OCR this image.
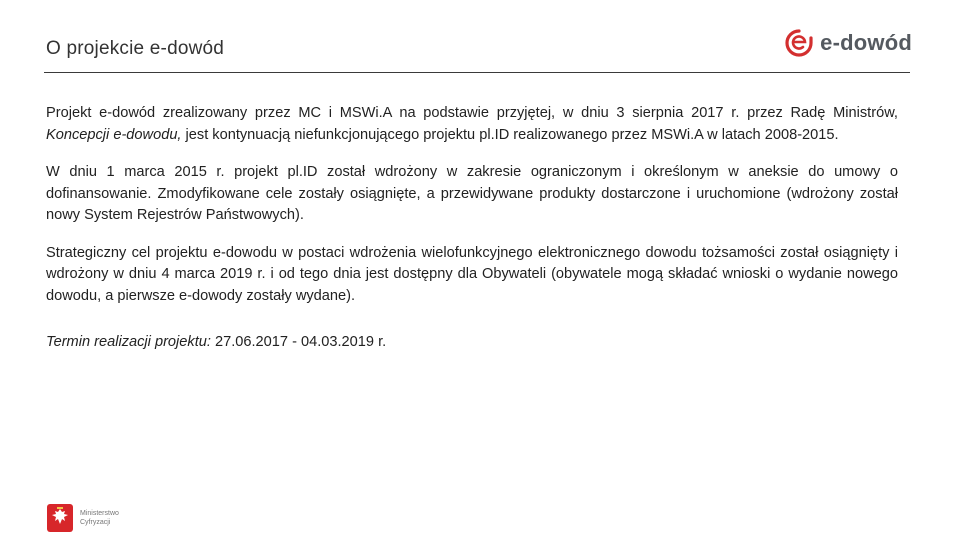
O projekcie e-dowód	e-dowód

Projekt e-dowód zrealizowany przez MC i MSWi.A na podstawie przyjętej, w dniu 3 sierpnia 2017 r. przez Radę Ministrów, Koncepcji e-dowodu, jest kontynuacją niefunkcjonującego projektu pl.ID realizowanego przez MSWi.A w latach 2008-2015.

W dniu 1 marca 2015 r. projekt pl.ID został wdrożony w zakresie ograniczonym i określonym w aneksie do umowy o dofinansowanie. Zmodyfikowane cele zostały osiągnięte, a przewidywane produkty dostarczone i uruchomione (wdrożony został nowy System Rejestrów Państwowych).

Strategiczny cel projektu e-dowodu w postaci wdrożenia wielofunkcyjnego elektronicznego dowodu tożsamości został osiągnięty i wdrożony w dniu 4 marca 2019 r. i od tego dnia jest dostępny dla Obywateli (obywatele mogą składać wnioski o wydanie nowego dowodu, a pierwsze e-dowody zostały wydane).

Termin realizacji projektu: 27.06.2017 - 04.03.2019 r.

Ministerstwo
Cyfryzacji
